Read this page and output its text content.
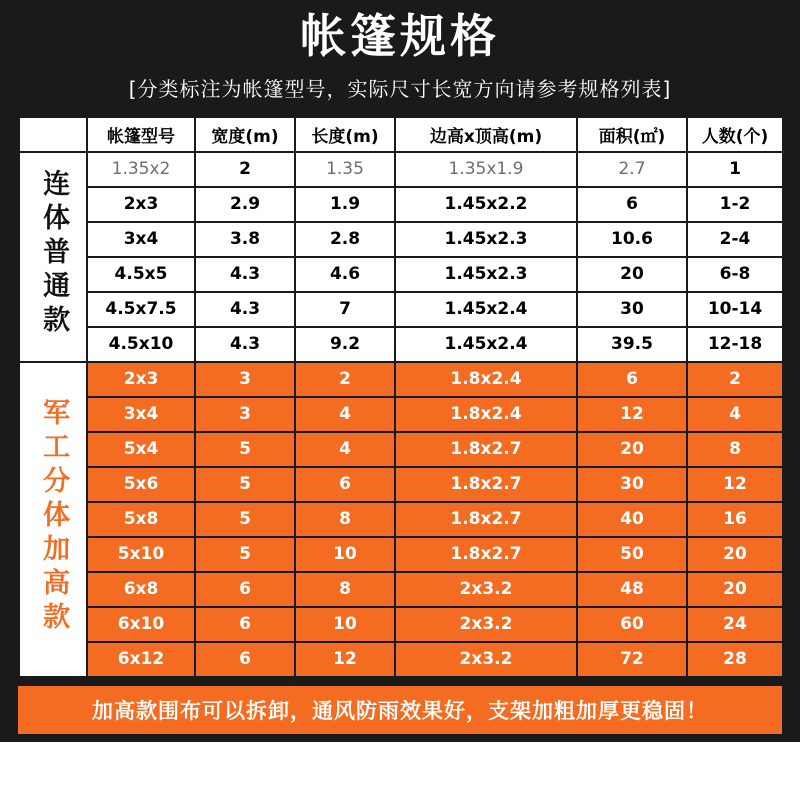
帐篷规格
[分类标注为帐篷型号，实际尺寸长宽方向请参考规格列表]
	帐篷型号	宽度(m)	长度(m)	边高x顶高(m)	面积(㎡)	人数(个)
连体普通款	1.35x2	2	1.35	1.35x1.9	2.7	1
	2x3	2.9	1.9	1.45x2.2	6	1-2
	3x4	3.8	2.8	1.45x2.3	10.6	2-4
	4.5x5	4.3	4.6	1.45x2.3	20	6-8
	4.5x7.5	4.3	7	1.45x2.4	30	10-14
	4.5x10	4.3	9.2	1.45x2.4	39.5	12-18
军工分体加高款	2x3	3	2	1.8x2.4	6	2
	3x4	3	4	1.8x2.4	12	4
	5x4	5	4	1.8x2.7	20	8
	5x6	5	6	1.8x2.7	30	12
	5x8	5	8	1.8x2.7	40	16
	5x10	5	10	1.8x2.7	50	20
	6x8	6	8	2x3.2	48	20
	6x10	6	10	2x3.2	60	24
	6x12	6	12	2x3.2	72	28
加高款围布可以拆卸，通风防雨效果好，支架加粗加厚更稳固！
